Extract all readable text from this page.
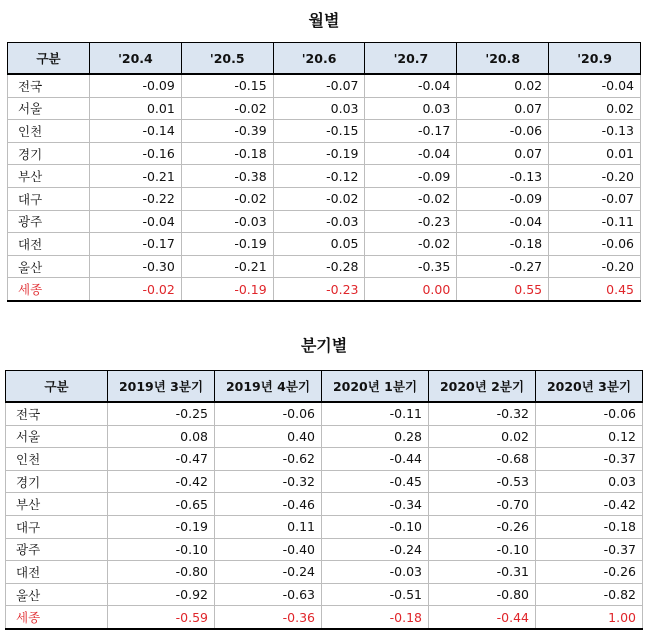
월별
구분	'20.4	'20.5	'20.6	'20.7	'20.8	'20.9
전국	-0.09	-0.15	-0.07	-0.04	0.02	-0.04
서울	0.01	-0.02	0.03	0.03	0.07	0.02
인천	-0.14	-0.39	-0.15	-0.17	-0.06	-0.13
경기	-0.16	-0.18	-0.19	-0.04	0.07	0.01
부산	-0.21	-0.38	-0.12	-0.09	-0.13	-0.20
대구	-0.22	-0.02	-0.02	-0.02	-0.09	-0.07
광주	-0.04	-0.03	-0.03	-0.23	-0.04	-0.11
대전	-0.17	-0.19	0.05	-0.02	-0.18	-0.06
울산	-0.30	-0.21	-0.28	-0.35	-0.27	-0.20
세종	-0.02	-0.19	-0.23	0.00	0.55	0.45
분기별
구분	2019년 3분기	2019년 4분기	2020년 1분기	2020년 2분기	2020년 3분기
전국	-0.25	-0.06	-0.11	-0.32	-0.06
서울	0.08	0.40	0.28	0.02	0.12
인천	-0.47	-0.62	-0.44	-0.68	-0.37
경기	-0.42	-0.32	-0.45	-0.53	0.03
부산	-0.65	-0.46	-0.34	-0.70	-0.42
대구	-0.19	0.11	-0.10	-0.26	-0.18
광주	-0.10	-0.40	-0.24	-0.10	-0.37
대전	-0.80	-0.24	-0.03	-0.31	-0.26
울산	-0.92	-0.63	-0.51	-0.80	-0.82
세종	-0.59	-0.36	-0.18	-0.44	1.00
